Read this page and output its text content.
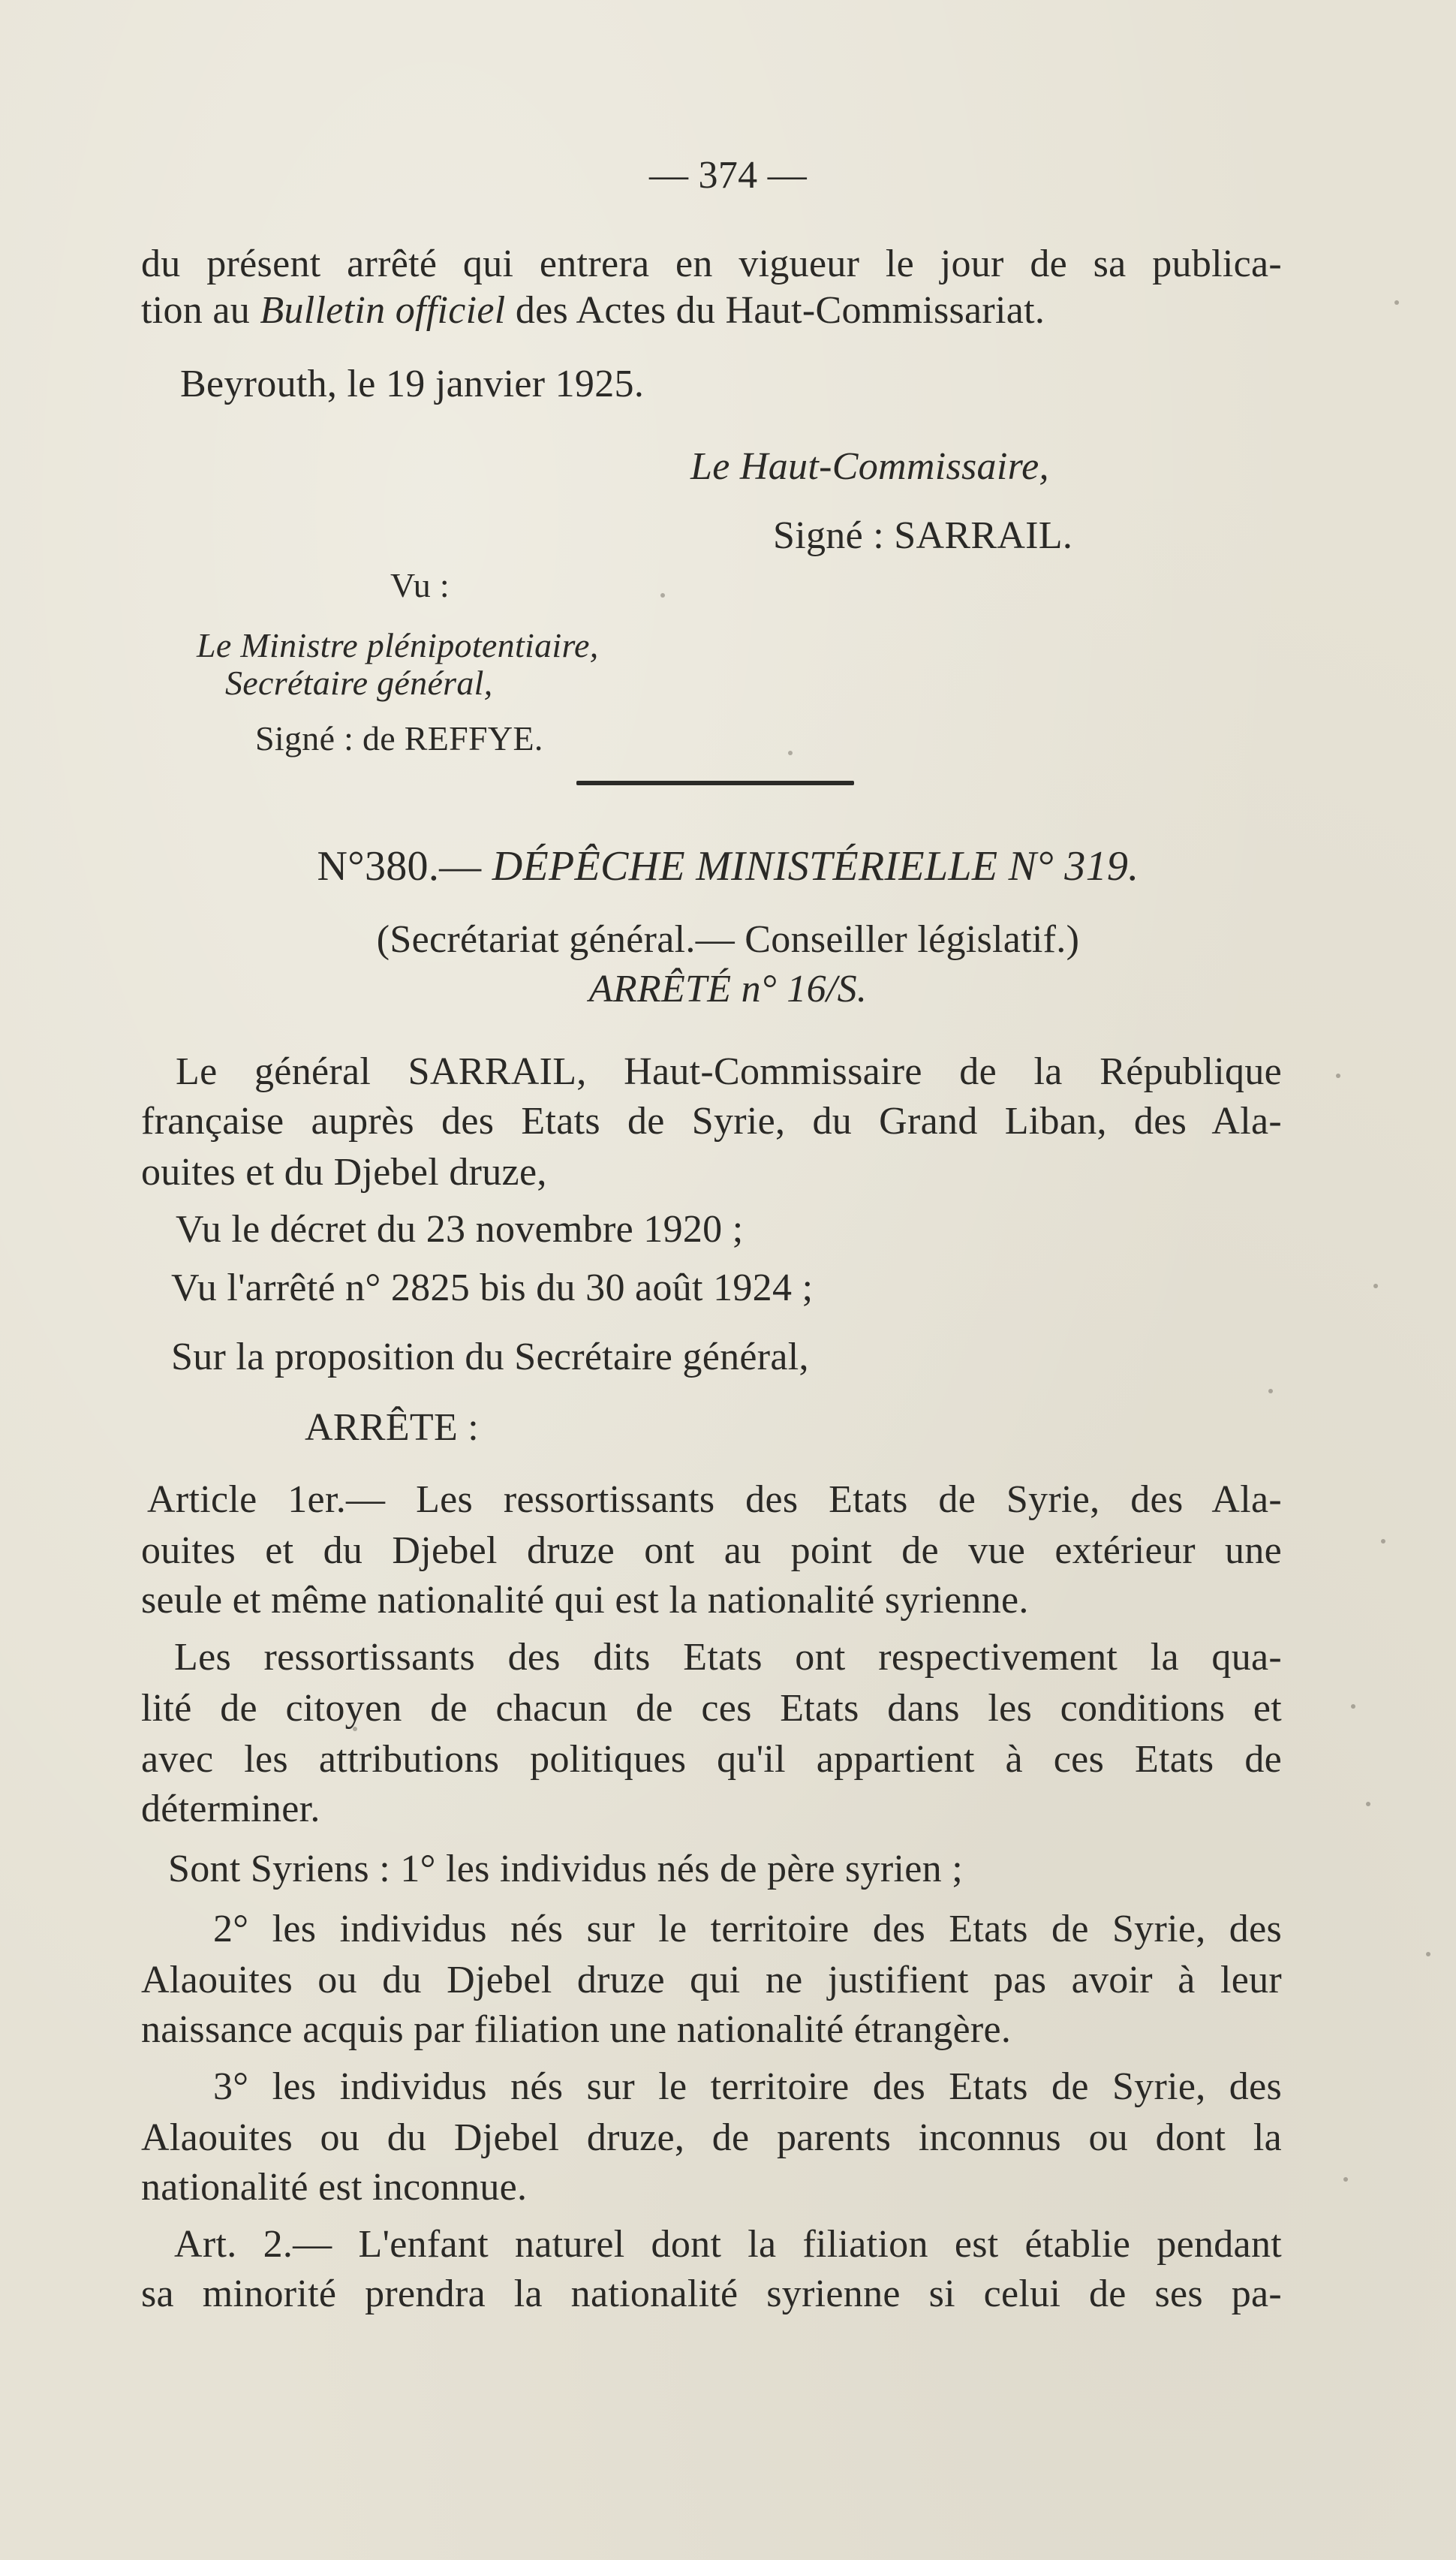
— 374 —
du présent arrêté qui entrera en vigueur le jour de sa publica-
tion au Bulletin officiel des Actes du Haut-Commissariat.
Beyrouth, le 19 janvier 1925.
Le Haut-Commissaire,
Signé : SARRAIL.
Vu :
Le Ministre plénipotentiaire,
Secrétaire général,
Signé : de REFFYE.
N°380.— DÉPÊCHE MINISTÉRIELLE N° 319.
(Secrétariat général.— Conseiller législatif.)
ARRÊTÉ n° 16/S.
Le général SARRAIL, Haut-Commissaire de la République
française auprès des Etats de Syrie, du Grand Liban, des Ala-
ouites et du Djebel druze,
Vu le décret du 23 novembre 1920 ;
Vu l'arrêté n° 2825 bis du 30 août 1924 ;
Sur la proposition du Secrétaire général,
ARRÊTE :
Article 1er.— Les ressortissants des Etats de Syrie, des Ala-
ouites et du Djebel druze ont au point de vue extérieur une
seule et même nationalité qui est la nationalité syrienne.
Les ressortissants des dits Etats ont respectivement la qua-
lité de citoyen de chacun de ces Etats dans les conditions et
avec les attributions politiques qu'il appartient à ces Etats de
déterminer.
Sont Syriens : 1° les individus nés de père syrien ;
2° les individus nés sur le territoire des Etats de Syrie, des
Alaouites ou du Djebel druze qui ne justifient pas avoir à leur
naissance acquis par filiation une nationalité étrangère.
3° les individus nés sur le territoire des Etats de Syrie, des
Alaouites ou du Djebel druze, de parents inconnus ou dont la
nationalité est inconnue.
Art. 2.— L'enfant naturel dont la filiation est établie pendant
sa minorité prendra la nationalité syrienne si celui de ses pa-
